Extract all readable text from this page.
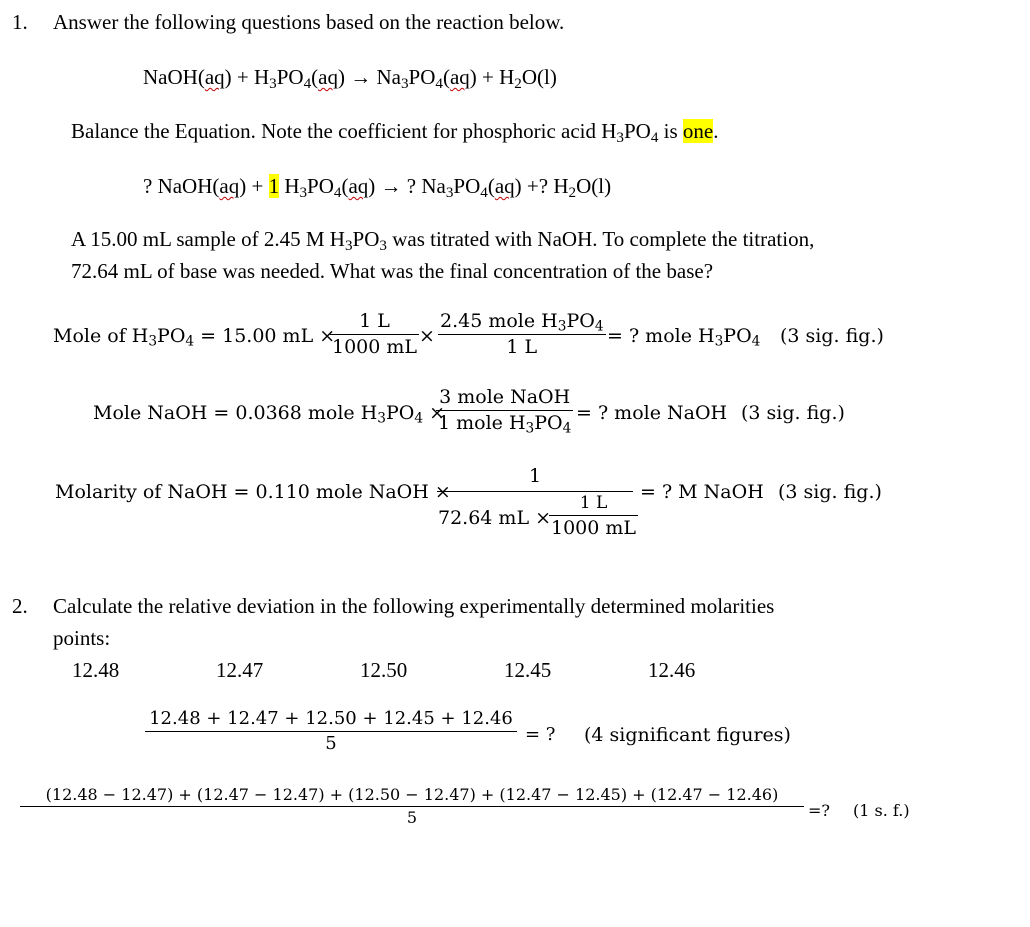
1. Answer the following questions based on the reaction below.
NaOH(aq) + $H_3PO_4(aq) \to Na_3PO_4(aq) + H_2O(l)$
Balance the Equation. Note the coefficient for phosphoric acid $H_3PO_4$ is one.
? NaOH(aq) + 1 $H_3PO_4(aq)$ → ? $Na_3PO_4(aq)$ +? $H_2O(l)$
A 15.00 mL sample of 2.45 M $H_3PO_3$ was titrated with NaOH. To complete the titration,
72.64 mL of base was needed. What was the final concentration of the base?
Mole of $H_3PO_4 = 15.00$ mL ×
1 L
1000 mL ×
2.45 mole $H_3PO_4$
1 L	= ? mole $H_3PO_4$ (3 sig. fig.)
Mole NaOH = 0.0368 mole $H_3PO_4$ ×
3 mole NaOH
1 mole $H_3PO_4$
= ? mole NaOH (3 sig. fig.)
Molarity of NaOH = 0.110 mole NaOH ×
1
72.64 mL ×
1 L
1000 mL
= ? M NaOH (3 sig. fig.)
2. Calculate the relative deviation in the following experimentally determined molarities
points:
12.48	12.47	12.50	12.45	12.46
12.48 + 12.47 + 12.50 + 12.45 + 12.46
5	= ? (4 significant figures)
(12.48 − 12.47) + (12.47 − 12.47) + (12.50 − 12.47) + (12.47 − 12.45) + (12.47 − 12.46)
5	=? (1 s. f.)
